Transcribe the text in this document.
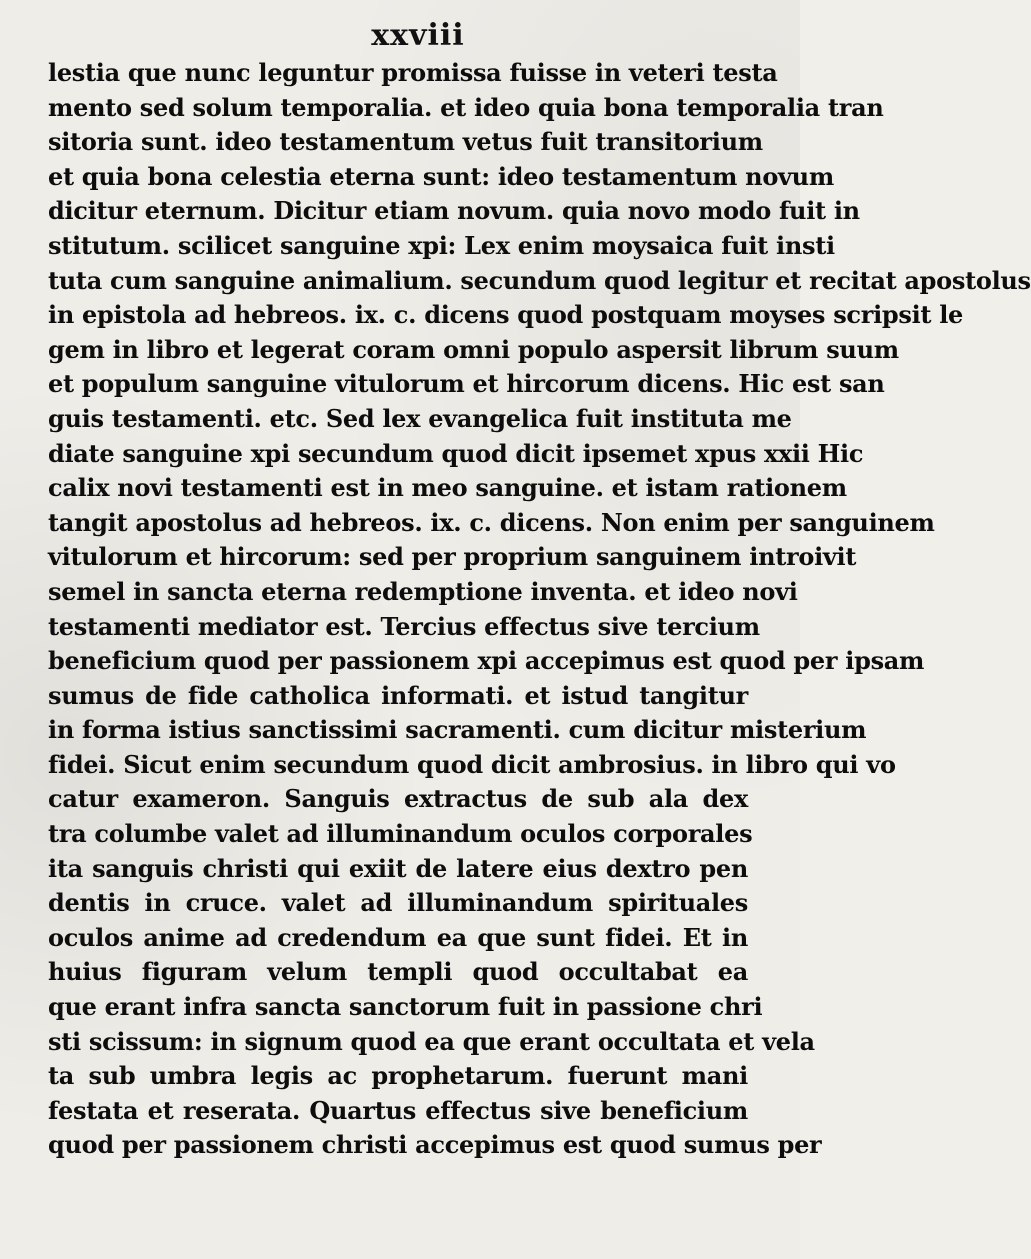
xxviii
lestia que nunc leguntur promissa fuisse in veteri testa
mento sed solum temporalia. et ideo quia bona temporalia tran
sitoria sunt. ideo testamentum vetus fuit transitorium
et quia bona celestia eterna sunt: ideo testamentum novum
dicitur eternum. Dicitur etiam novum. quia novo modo fuit in
stitutum. scilicet sanguine xpi: Lex enim moysaica fuit insti
tuta cum sanguine animalium. secundum quod legitur et recitat apostolus
in epistola ad hebreos. ix. c. dicens quod postquam moyses scripsit le
gem in libro et legerat coram omni populo aspersit librum suum
et populum sanguine vitulorum et hircorum dicens. Hic est san
guis testamenti. etc. Sed lex evangelica fuit instituta me
diate sanguine xpi secundum quod dicit ipsemet xpus xxii Hic
calix novi testamenti est in meo sanguine. et istam rationem
tangit apostolus ad hebreos. ix. c. dicens. Non enim per sanguinem
vitulorum et hircorum: sed per proprium sanguinem introivit
semel in sancta eterna redemptione inventa. et ideo novi
testamenti mediator est. Tercius effectus sive tercium
beneficium quod per passionem xpi accepimus est quod per ipsam
sumus de fide catholica informati. et istud tangitur
in forma istius sanctissimi sacramenti. cum dicitur misterium
fidei. Sicut enim secundum quod dicit ambrosius. in libro qui vo
catur exameron. Sanguis extractus de sub ala dex
tra columbe valet ad illuminandum oculos corporales
ita sanguis christi qui exiit de latere eius dextro pen
dentis in cruce. valet ad illuminandum spirituales
oculos anime ad credendum ea que sunt fidei. Et in
huius figuram velum templi quod occultabat ea
que erant infra sancta sanctorum fuit in passione chri
sti scissum: in signum quod ea que erant occultata et vela
ta sub umbra legis ac prophetarum. fuerunt mani
festata et reserata. Quartus effectus sive beneficium
quod per passionem christi accepimus est quod sumus per
